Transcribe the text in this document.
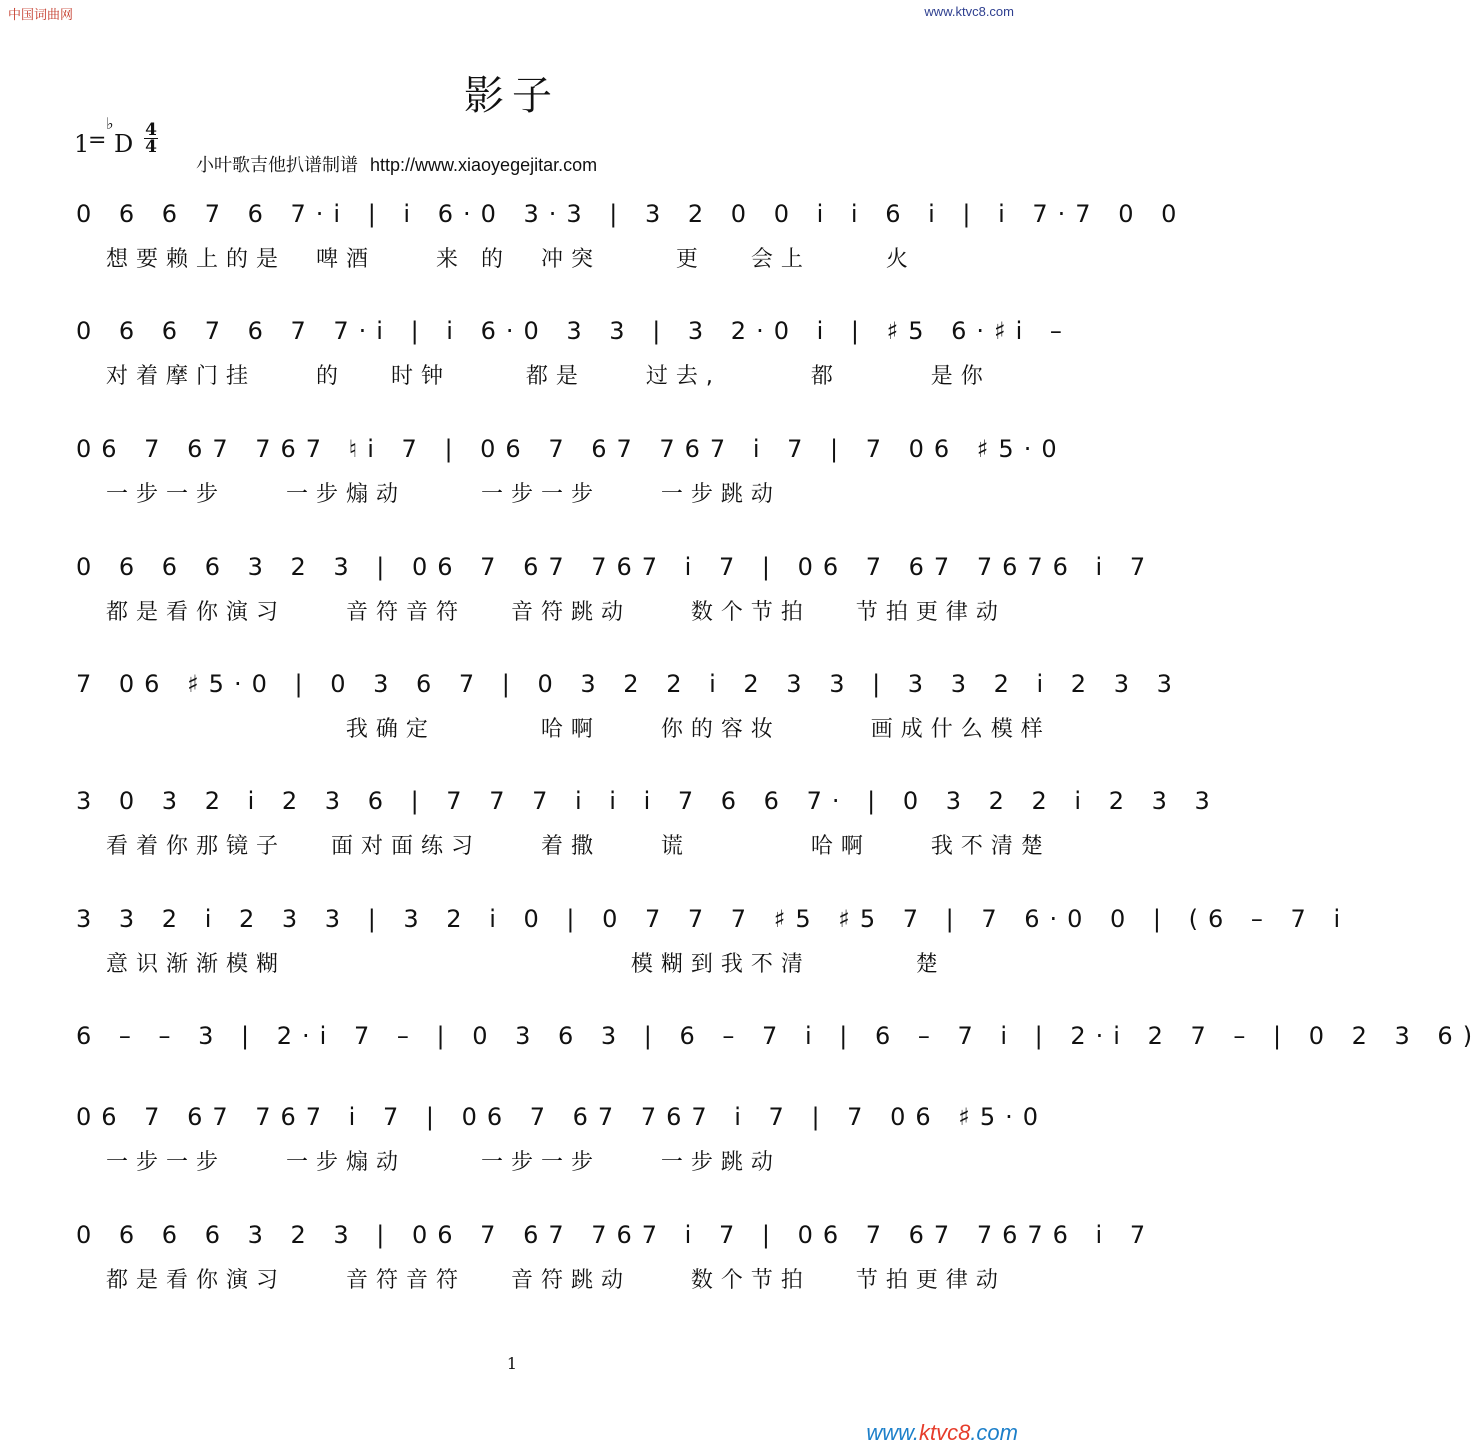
中国词曲网	www.ktvc8.com
影子
1
=
♭
D 4
4
小叶歌吉他扒谱制谱 http://www.xiaoyegejitar.com
0 6 6 7 6 7·i | i 6·0 3·3 | 3 2 0 0 i i 6 i | i 7·7 0 0
想要赖上的是  啤酒    来 的  冲突     更   会上     火
0 6 6 7 6 7 7·i | i 6·0 3 3 | 3 2·0 i | ♯5 6·♯i –
对着摩门挂    的   时钟     都是    过去,      都      是你
06 7 67 767 ♮i 7 | 06 7 67 767 i 7 | 7 06 ♯5·0
一步一步    一步煽动     一步一步    一步跳动
0 6 6 6 3 2 3 | 06 7 67 767 i 7 | 06 7 67 7676 i 7
都是看你演习    音符音符   音符跳动    数个节拍   节拍更律动
7 06 ♯5·0 | 0 3 6 7 | 0 3 2 2 i 2 3 3 | 3 3 2 i 2 3 3
我确定       哈啊    你的容妆      画成什么模样
3 0 3 2 i 2 3 6 | 7 7 7 i i i 7 6 6 7· | 0 3 2 2 i 2 3 3
看着你那镜子   面对面练习    着撒    谎        哈啊    我不清楚
3 3 2 i 2 3 3 | 3 2 i 0 | 0 7 7 7 ♯5 ♯5 7 | 7 6·0 0 | (6 – 7 i
意识渐渐模糊                       模糊到我不清       楚
6 – – 3 | 2·i 7 – | 0 3 6 3 | 6 – 7 i | 6 – 7 i | 2·i 2 7 – | 0 2 3 6)
06 7 67 767 i 7 | 06 7 67 767 i 7 | 7 06 ♯5·0
一步一步    一步煽动     一步一步    一步跳动
0 6 6 6 3 2 3 | 06 7 67 767 i 7 | 06 7 67 7676 i 7
都是看你演习    音符音符   音符跳动    数个节拍   节拍更律动
1
www.ktvc8.com
